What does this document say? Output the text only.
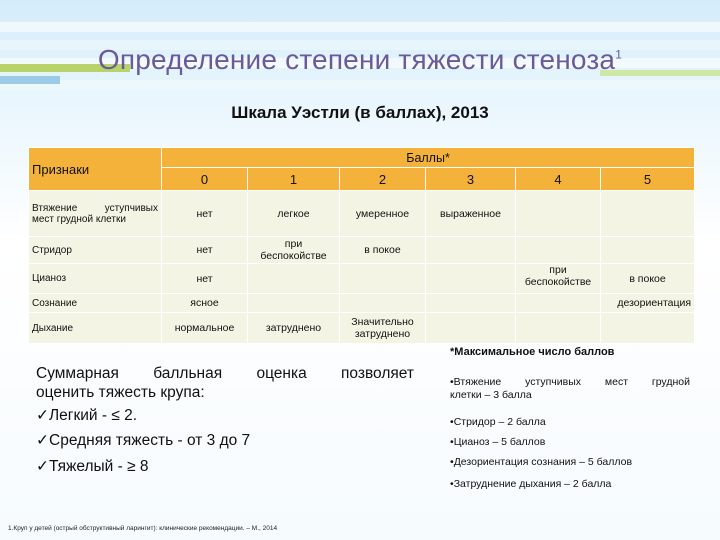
Определение степени тяжести стеноза$^1$
Шкала Уэстли (в баллах), 2013
Признаки	Баллы*					
	0	1	2	3	4	5
Втяжение уступчивых мест грудной клетки	нет	легкое	умеренное	выраженное		
Стридор	нет	при беспокойстве	в покое			
Цианоз	нет				при беспокойстве	в покое
Сознание	ясное					дезориентация
Дыхание	нормальное	затруднено	Значительно затруднено			
Суммарная балльная оценка позволяет
оценить тяжесть крупа:
✓Легкий - ≤ 2.
✓Средняя тяжесть - от 3 до 7
✓Тяжелый - ≥ 8
*Максимальное число баллов
•Втяжение уступчивых мест грудной
клетки – 3 балла
•Стридор – 2 балла
•Цианоз – 5 баллов
•Дезориентация сознания – 5 баллов
•Затруднение дыхания – 2 балла
1.Круп у детей (острый обструктивный ларингит): клинические рекомендации. – М., 2014
